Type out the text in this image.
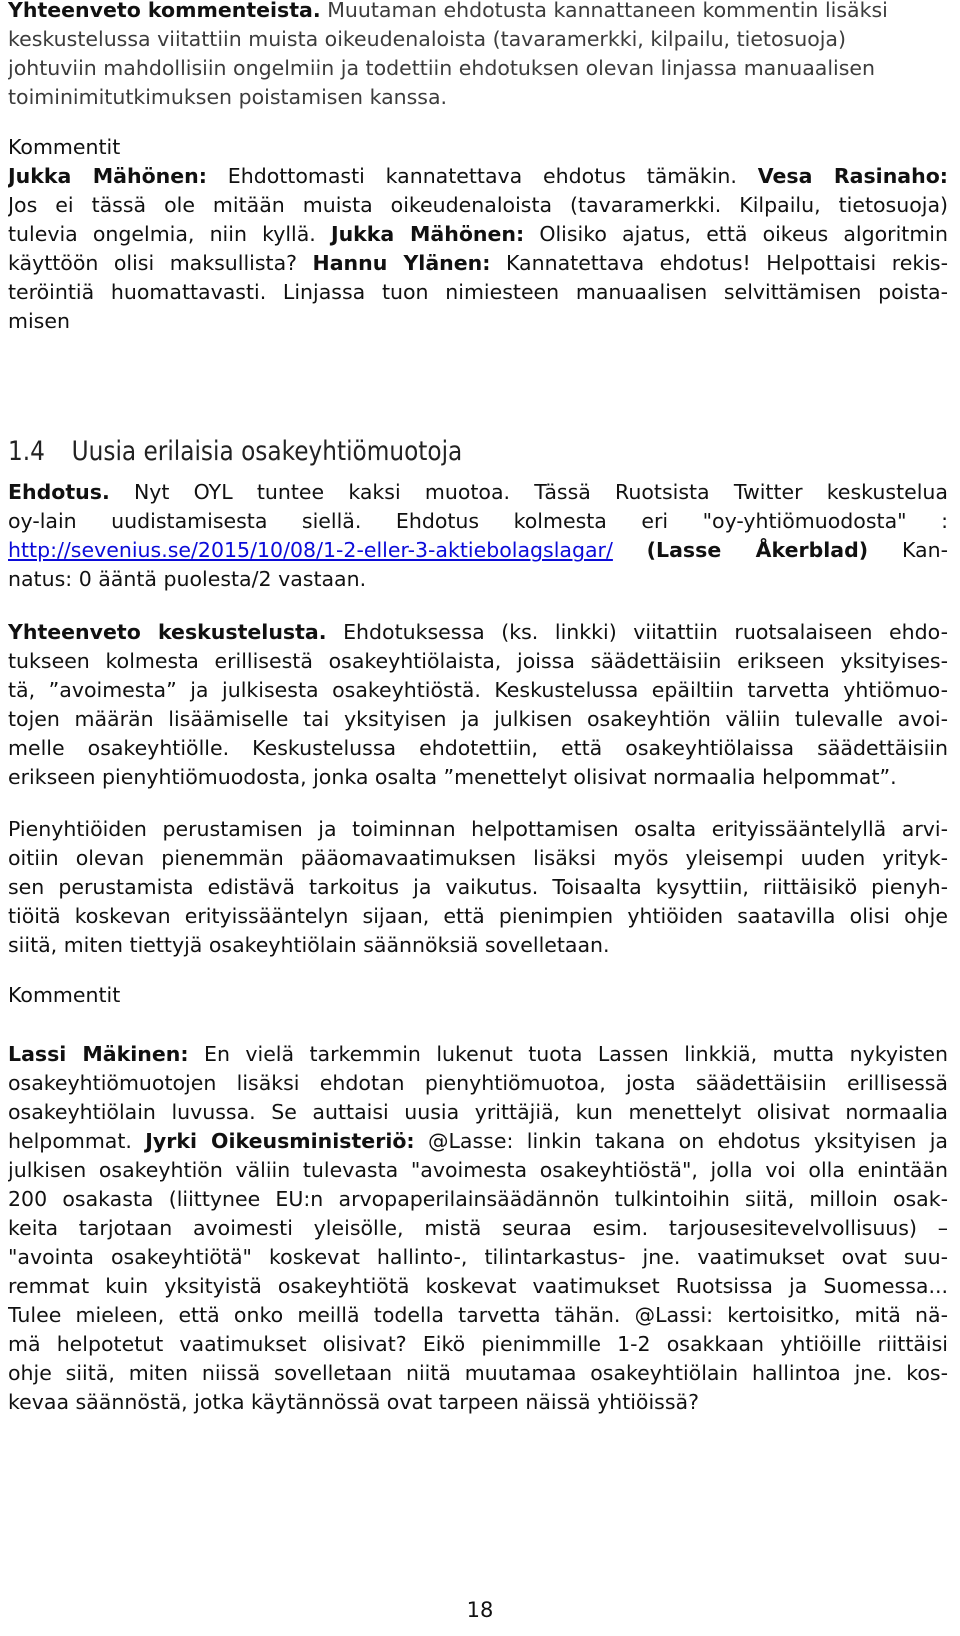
Yhteenveto kommenteista. Muutaman ehdotusta kannattaneen kommentin lisäksi
keskustelussa viitattiin muista oikeudenaloista (tavaramerkki, kilpailu, tietosuoja)
johtuviin mahdollisiin ongelmiin ja todettiin ehdotuksen olevan linjassa manuaalisen
toiminimitutkimuksen poistamisen kanssa.
Kommentit
Jukka Mähönen: Ehdottomasti kannatettava ehdotus tämäkin. Vesa Rasinaho:
Jos ei tässä ole mitään muista oikeudenaloista (tavaramerkki. Kilpailu, tietosuoja)
tulevia ongelmia, niin kyllä. Jukka Mähönen: Olisiko ajatus, että oikeus algoritmin
käyttöön olisi maksullista? Hannu Ylänen: Kannatettava ehdotus! Helpottaisi rekis-
teröintiä huomattavasti. Linjassa tuon nimiesteen manuaalisen selvittämisen poista-
misen
1.4 Uusia erilaisia osakeyhtiömuotoja
Ehdotus. Nyt OYL tuntee kaksi muotoa. Tässä Ruotsista Twitter keskustelua
oy-lain uudistamisesta siellä. Ehdotus kolmesta eri "oy-yhtiömuodosta" :
http://sevenius.se/2015/10/08/1-2-eller-3-aktiebolagslagar/ (Lasse Åkerblad) Kan-
natus: 0 ääntä puolesta/2 vastaan.
Yhteenveto keskustelusta. Ehdotuksessa (ks. linkki) viitattiin ruotsalaiseen ehdo-
tukseen kolmesta erillisestä osakeyhtiölaista, joissa säädettäisiin erikseen yksityises-
tä, ”avoimesta” ja julkisesta osakeyhtiöstä. Keskustelussa epäiltiin tarvetta yhtiömuo-
tojen määrän lisäämiselle tai yksityisen ja julkisen osakeyhtiön väliin tulevalle avoi-
melle osakeyhtiölle. Keskustelussa ehdotettiin, että osakeyhtiölaissa säädettäisiin
erikseen pienyhtiömuodosta, jonka osalta ”menettelyt olisivat normaalia helpommat”.
Pienyhtiöiden perustamisen ja toiminnan helpottamisen osalta erityissääntelyllä arvi-
oitiin olevan pienemmän pääomavaatimuksen lisäksi myös yleisempi uuden yrityk-
sen perustamista edistävä tarkoitus ja vaikutus. Toisaalta kysyttiin, riittäisikö pienyh-
tiöitä koskevan erityissääntelyn sijaan, että pienimpien yhtiöiden saatavilla olisi ohje
siitä, miten tiettyjä osakeyhtiölain säännöksiä sovelletaan.
Kommentit
Lassi Mäkinen: En vielä tarkemmin lukenut tuota Lassen linkkiä, mutta nykyisten
osakeyhtiömuotojen lisäksi ehdotan pienyhtiömuotoa, josta säädettäisiin erillisessä
osakeyhtiölain luvussa. Se auttaisi uusia yrittäjiä, kun menettelyt olisivat normaalia
helpommat. Jyrki Oikeusministeriö: @Lasse: linkin takana on ehdotus yksityisen ja
julkisen osakeyhtiön väliin tulevasta "avoimesta osakeyhtiöstä", jolla voi olla enintään
200 osakasta (liittynee EU:n arvopaperilainsäädännön tulkintoihin siitä, milloin osak-
keita tarjotaan avoimesti yleisölle, mistä seuraa esim. tarjousesitevelvollisuus) –
"avointa osakeyhtiötä" koskevat hallinto-, tilintarkastus- jne. vaatimukset ovat suu-
remmat kuin yksityistä osakeyhtiötä koskevat vaatimukset Ruotsissa ja Suomessa...
Tulee mieleen, että onko meillä todella tarvetta tähän. @Lassi: kertoisitko, mitä nä-
mä helpotetut vaatimukset olisivat? Eikö pienimmille 1-2 osakkaan yhtiöille riittäisi
ohje siitä, miten niissä sovelletaan niitä muutamaa osakeyhtiölain hallintoa jne. kos-
kevaa säännöstä, jotka käytännössä ovat tarpeen näissä yhtiöissä?
18
